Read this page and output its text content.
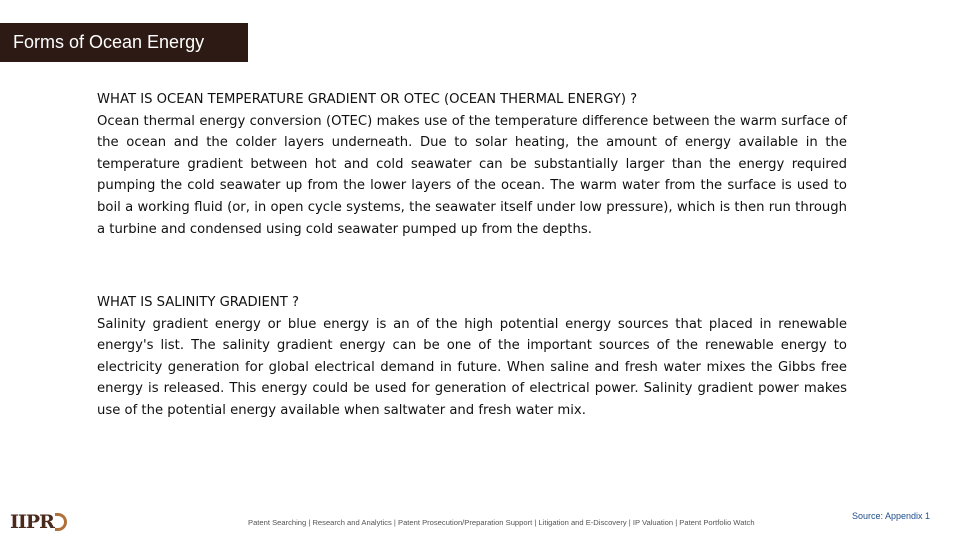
Forms of Ocean Energy
WHAT IS OCEAN TEMPERATURE GRADIENT OR OTEC (OCEAN THERMAL ENERGY) ?
Ocean thermal energy conversion (OTEC) makes use of the temperature difference between the warm surface of the ocean and the colder layers underneath. Due to solar heating, the amount of energy available in the temperature gradient between hot and cold seawater can be substantially larger than the energy required pumping the cold seawater up from the lower layers of the ocean. The warm water from the surface is used to boil a working fluid (or, in open cycle systems, the seawater itself under low pressure), which is then run through a turbine and condensed using cold seawater pumped up from the depths.
WHAT IS SALINITY GRADIENT ?
Salinity gradient energy or blue energy is an of the high potential energy sources that placed in renewable energy's list. The salinity gradient energy can be one of the important sources of the renewable energy to electricity generation for global electrical demand in future. When saline and fresh water mixes the Gibbs free energy is released. This energy could be used for generation of electrical power. Salinity gradient power makes use of the potential energy available when saltwater and fresh water mix.
IIPR	Patent Searching | Research and Analytics | Patent Prosecution/Preparation Support | Litigation and E-Discovery | IP Valuation | Patent Portfolio Watch
Source: Appendix 1
